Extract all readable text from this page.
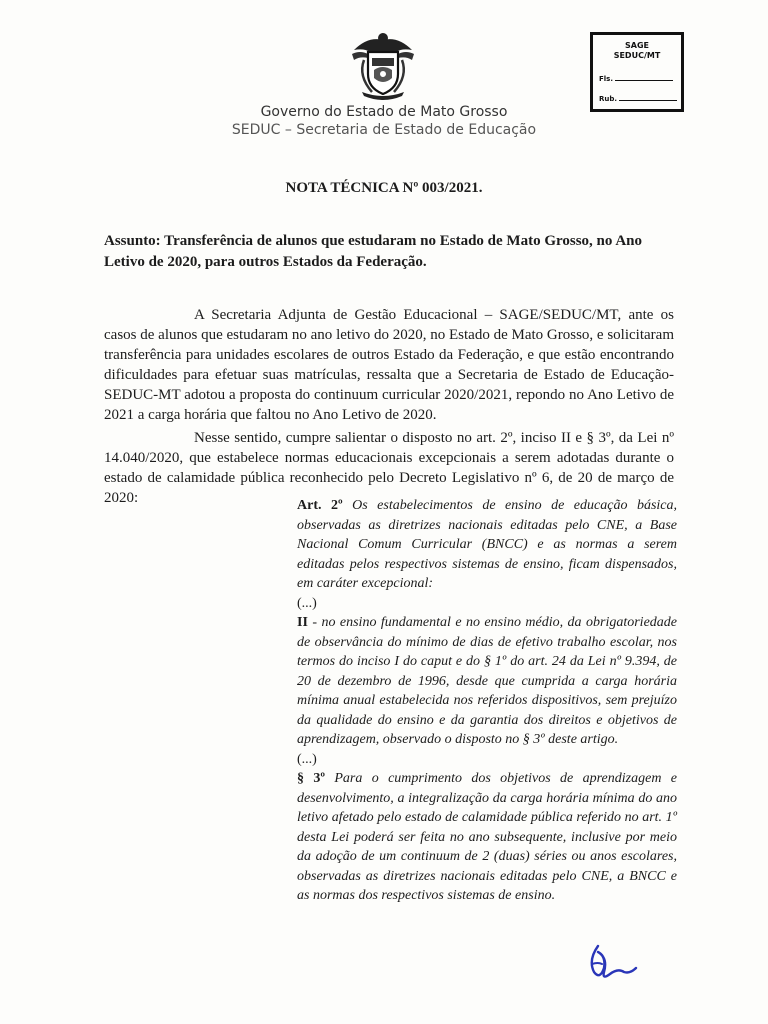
Governo do Estado de Mato Grosso
SEDUC – Secretaria de Estado de Educação
SAGE
SEDUC/MT
Fls.
Rub.
NOTA TÉCNICA Nº 003/2021.
Assunto: Transferência de alunos que estudaram no Estado de Mato Grosso, no Ano Letivo de 2020, para outros Estados da Federação.
A Secretaria Adjunta de Gestão Educacional – SAGE/SEDUC/MT, ante os casos de alunos que estudaram no ano letivo do 2020, no Estado de Mato Grosso, e solicitaram transferência para unidades escolares de outros Estado da Federação, e que estão encontrando dificuldades para efetuar suas matrículas, ressalta que a Secretaria de Estado de Educação-SEDUC-MT adotou a proposta do continuum curricular 2020/2021, repondo no Ano Letivo de 2021 a carga horária que faltou no Ano Letivo de 2020.
Nesse sentido, cumpre salientar o disposto no art. 2º, inciso II e § 3º, da Lei nº 14.040/2020, que estabelece normas educacionais excepcionais a serem adotadas durante o estado de calamidade pública reconhecido pelo Decreto Legislativo nº 6, de 20 de março de 2020:	Art. 2º Os estabelecimentos de ensino de educação básica, observadas as diretrizes nacionais editadas pelo CNE, a Base Nacional Comum Curricular (BNCC) e as normas a serem editadas pelos respectivos sistemas de ensino, ficam dispensados, em caráter excepcional:

(...)

II - no ensino fundamental e no ensino médio, da obrigatoriedade de observância do mínimo de dias de efetivo trabalho escolar, nos termos do inciso I do caput e do § 1º do art. 24 da Lei nº 9.394, de 20 de dezembro de 1996, desde que cumprida a carga horária mínima anual estabelecida nos referidos dispositivos, sem prejuízo da qualidade do ensino e da garantia dos direitos e objetivos de aprendizagem, observado o disposto no § 3º deste artigo.

(...)

§ 3º Para o cumprimento dos objetivos de aprendizagem e desenvolvimento, a integralização da carga horária mínima do ano letivo afetado pelo estado de calamidade pública referido no art. 1º desta Lei poderá ser feita no ano subsequente, inclusive por meio da adoção de um continuum de 2 (duas) séries ou anos escolares, observadas as diretrizes nacionais editadas pelo CNE, a BNCC e as normas dos respectivos sistemas de ensino.
